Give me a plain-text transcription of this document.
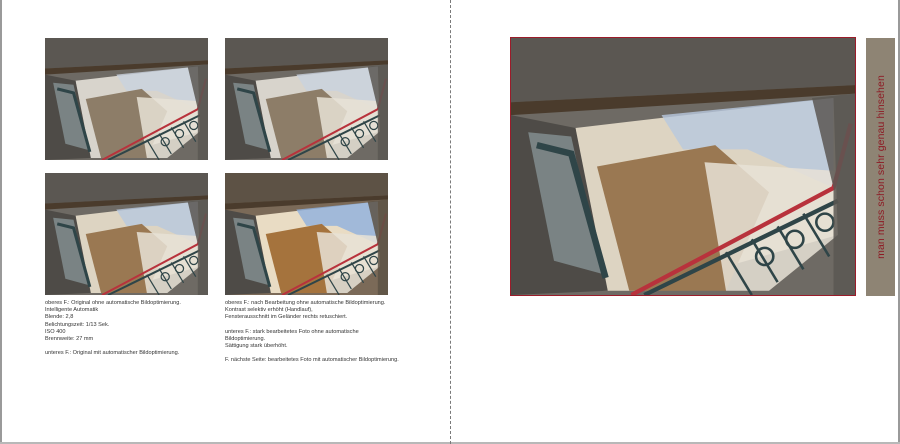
oberes F.: Original ohne automatische Bildoptimierung.

Intelligente Automatik

Blende: 2,8

Belichtungszeit: 1/13 Sek.

ISO 400

Brennweite: 27 mm

unteres F.: Original mit automatischer Bildoptimierung.

oberes F.: nach Bearbeitung ohne automatische Bildoptimierung.

Kontrast selektiv erhöht (Handlauf),

Fensterausschnitt im Geländer rechts retuschiert.

unteres F.: stark bearbeitetes Foto ohne automatische

Bildoptimierung.

Sättigung stark überhöht.

F. nächste Seite: bearbeitetes Foto mit automatischer Bildoptimierung.

man muss schon sehr genau hinsehen
